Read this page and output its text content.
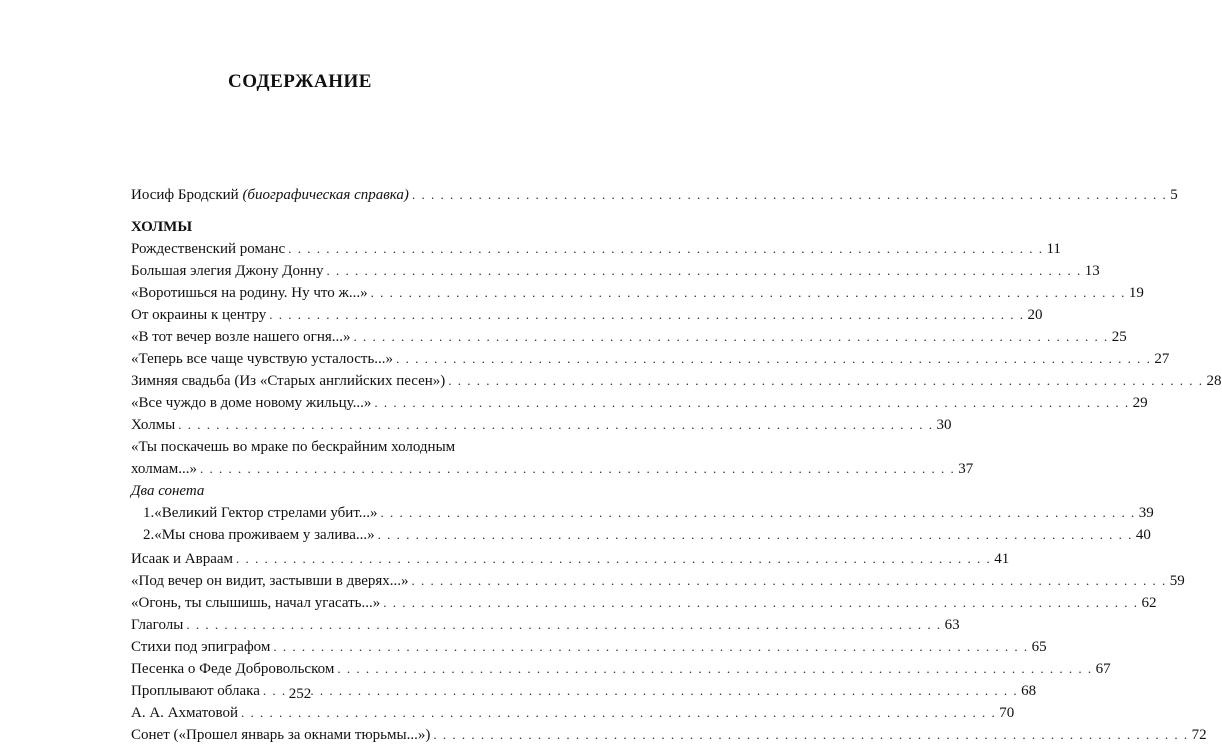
СОДЕРЖАНИЕ
Иосиф Бродский (биографическая справка) . . .	5
ХОЛМЫ
Рождественский романс . . .	11
Большая элегия Джону Донну . . .	13
«Воротишься на родину. Ну что ж...» . . .	19
От окраины к центру . . .	20
«В тот вечер возле нашего огня...» . . .	25
«Теперь все чаще чувствую усталость...» . . .	27
Зимняя свадьба (Из «Старых английских песен») . . .	28
«Все чуждо в доме новому жильцу...» . . .	29
Холмы . . .	30
«Ты поскачешь во мраке по бескрайним холодным
холмам...» . . .	37
Два сонета
1. «Великий Гектор стрелами убит...» . . .	39
2. «Мы снова проживаем у залива...» . . .	40
Исаак и Авраам . . .	41
«Под вечер он видит, застывши в дверях...» . . .	59
«Огонь, ты слышишь, начал угасать...» . . .	62
Глаголы . . .	63
Стихи под эпиграфом . . .	65
Песенка о Феде Добровольском . . .	67
Проплывают облака . . .	68
А. А. Ахматовой . . .	70
Сонет («Прошел январь за окнами тюрьмы...») . . .	72
252
